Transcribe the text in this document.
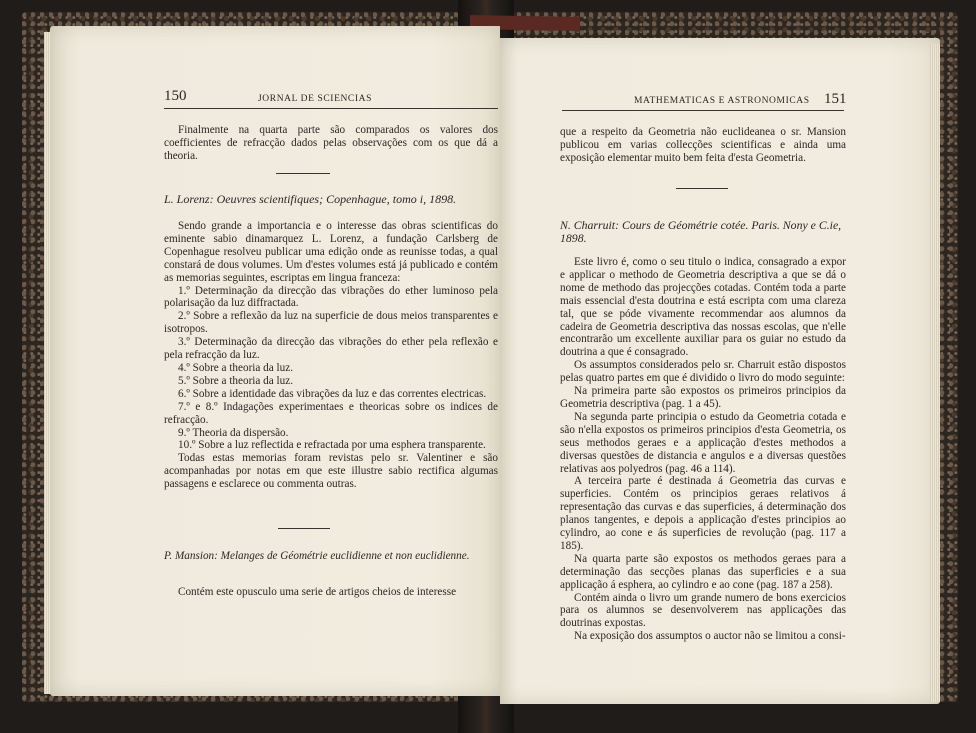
150	JORNAL DE SCIENCIAS

Finalmente na quarta parte são comparados os valores dos coefficientes de refracção dados pelas observações com os que dá a theoria.

L. Lorenz: Oeuvres scientifiques; Copenhague, tomo i, 1898.

Sendo grande a importancia e o interesse das obras scientificas do eminente sabio dinamarquez L. Lorenz, a fundação Carlsberg de Copenhague resolveu publicar uma edição onde as reunisse todas, a qual constará de dous volumes. Um d'estes volumes está já publicado e contém as memorias seguintes, escriptas em lingua franceza:

1.º Determinação da direcção das vibrações do ether luminoso pela polarisação da luz diffractada.

2.º Sobre a reflexão da luz na superficie de dous meios transparentes e isotropos.

3.º Determinação da direcção das vibrações do ether pela reflexão e pela refracção da luz.

4.º Sobre a theoria da luz.

5.º Sobre a theoria da luz.

6.º Sobre a identidade das vibrações da luz e das correntes electricas.

7.º e 8.º Indagações experimentaes e theoricas sobre os indices de refracção.

9.º Theoria da dispersão.

10.º Sobre a luz reflectida e refractada por uma esphera transparente.

Todas estas memorias foram revistas pelo sr. Valentiner e são acompanhadas por notas em que este illustre sabio rectifica algumas passagens e esclarece ou commenta outras.

P. Mansion: Melanges de Géométrie euclidienne et non euclidienne.

Contém este opusculo uma serie de artigos cheios de interesse

MATHEMATICAS E ASTRONOMICAS 151

que a respeito da Geometria não euclideanea o sr. Mansion publicou em varias collecções scientificas e ainda uma exposição elementar muito bem feita d'esta Geometria.

N. Charruit: Cours de Géométrie cotée. Paris. Nony e C.ie, 1898.

Este livro é, como o seu titulo o indica, consagrado a expor e applicar o methodo de Geometria descriptiva a que se dá o nome de methodo das projecções cotadas. Contém toda a parte mais essencial d'esta doutrina e está escripta com uma clareza tal, que se póde vivamente recommendar aos alumnos da cadeira de Geometria descriptiva das nossas escolas, que n'elle encontrarão um excellente auxiliar para os guiar no estudo da doutrina a que é consagrado.

Os assumptos considerados pelo sr. Charruit estão dispostos pelas quatro partes em que é dividido o livro do modo seguinte:

Na primeira parte são expostos os primeiros principios da Geometria descriptiva (pag. 1 a 45).

Na segunda parte principia o estudo da Geometria cotada e são n'ella expostos os primeiros principios d'esta Geometria, os seus methodos geraes e a applicação d'estes methodos a diversas questões de distancia e angulos e a diversas questões relativas aos polyedros (pag. 46 a 114).

A terceira parte é destinada á Geometria das curvas e superficies. Contém os principios geraes relativos á representação das curvas e das superficies, á determinação dos planos tangentes, e depois a applicação d'estes principios ao cylindro, ao cone e ás superficies de revolução (pag. 117 a 185).

Na quarta parte são expostos os methodos geraes para a determinação das secções planas das superficies e a sua applicação á esphera, ao cylindro e ao cone (pag. 187 a 258).

Contém ainda o livro um grande numero de bons exercicios para os alumnos se desenvolverem nas applicações das doutrinas expostas.

Na exposição dos assumptos o auctor não se limitou a consi-
